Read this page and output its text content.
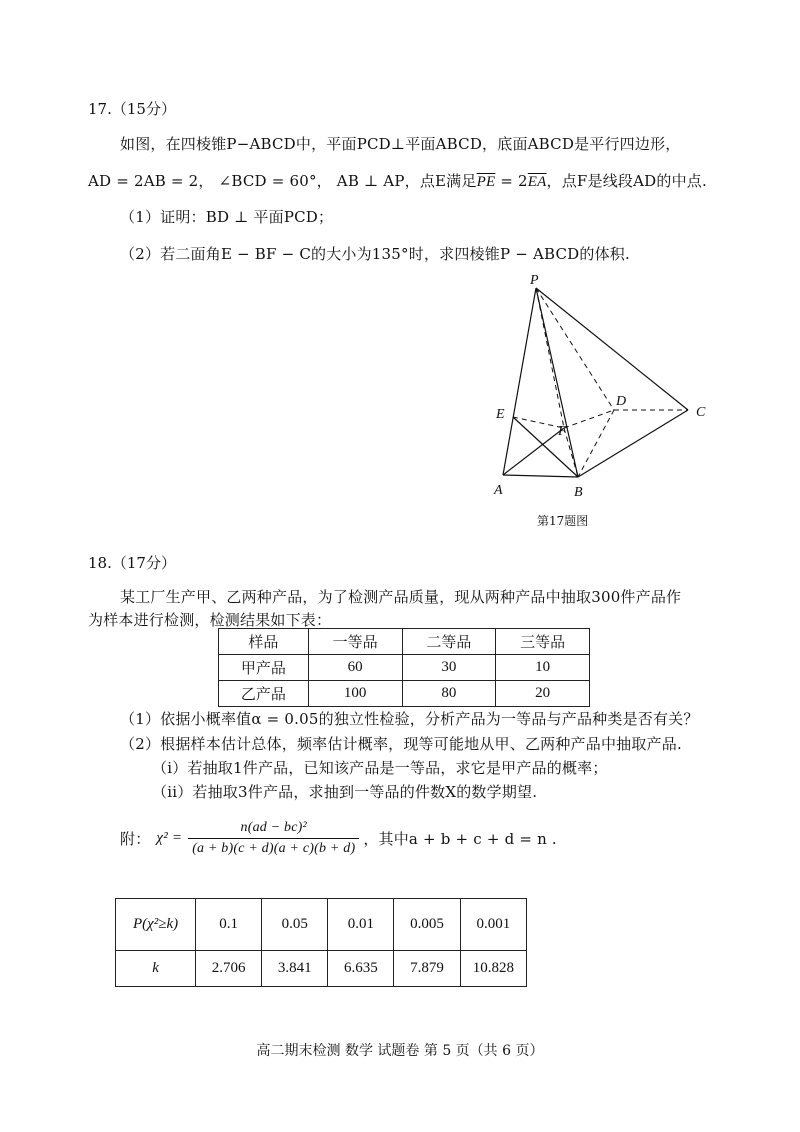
17.（15分）
如图，在四棱锥P−ABCD中，平面PCD⊥平面ABCD，底面ABCD是平行四边形，
AD = 2AB = 2， ∠BCD = 60°， AB ⊥ AP，点E满足$\overline{PE} = 2\overline{EA}$，点F是线段AD的中点.
（1）证明：BD ⊥ 平面PCD；
（2）若二面角E − BF − C的大小为135°时，求四棱锥P − ABCD的体积.
P
A	B
C
D
E
F
第17题图
18.（17分）
某工厂生产甲、乙两种产品，为了检测产品质量，现从两种产品中抽取300件产品作
为样本进行检测，检测结果如下表：
样品	一等品	二等品	三等品
甲产品	60	30	10
乙产品	100	80	20
（1）依据小概率值α = 0.05的独立性检验，分析产品为一等品与产品种类是否有关？
（2）根据样本估计总体，频率估计概率，现等可能地从甲、乙两种产品中抽取产品.
（i）若抽取1件产品，已知该产品是一等品，求它是甲产品的概率；
（ii）若抽取3件产品，求抽到一等品的件数X的数学期望.
附： $\chi^2 = \frac{\text{n(ad − bc)²}}{(a + b)(c + d)(a + c)(b + d)}$ ，其中a + b + c + d = n .
P(χ²≥k)	0.1	0.05	0.01	0.005	0.001
k	2.706	3.841	6.635	7.879	10.828
高二期末检测 数学 试题卷 第 5 页（共 6 页）
